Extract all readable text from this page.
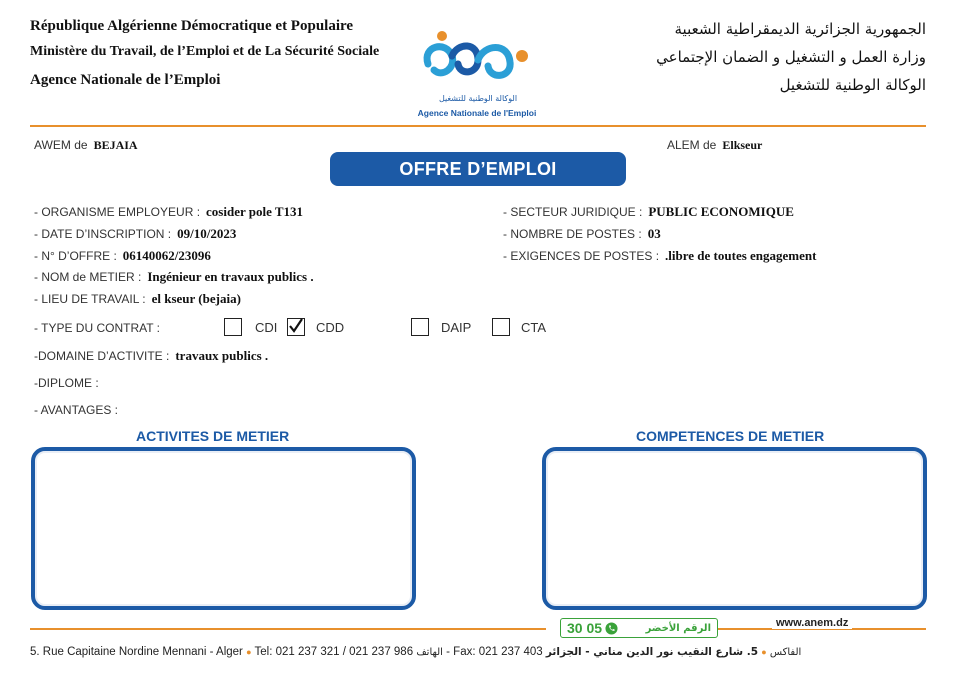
République Algérienne Démocratique et Populaire
Ministère du Travail, de l’Emploi et de La Sécurité Sociale
Agence Nationale de l’Emploi
الوكالة الوطنية للتشغيل
Agence Nationale de l'Emploi
الجمهورية الجزائرية الديمقراطية الشعبية
وزارة العمل و التشغيل و الضمان الإجتماعي
الوكالة الوطنية للتشغيل
AWEM de BEJAIA	ALEM de Elkseur
OFFRE D’EMPLOI
- ORGANISME EMPLOYEUR : cosider pole T131
- DATE D’INSCRIPTION : 09/10/2023
- N° D’OFFRE : 06140062/23096
- NOM de METIER : Ingénieur en travaux publics .
- LIEU DE TRAVAIL : el kseur (bejaia)
- SECTEUR JURIDIQUE : PUBLIC ECONOMIQUE
- NOMBRE DE POSTES : 03
- EXIGENCES DE POSTES : .libre de toutes engagement
- TYPE DU CONTRAT :	CDI	CDD	DAIP	CTA
-DOMAINE D’ACTIVITE : travaux publics .
-DIPLOME :
- AVANTAGES :
ACTIVITES DE METIER	COMPETENCES DE METIER
30 05	الرقم الأخضر	www.anem.dz
5. Rue Capitaine Nordine Mennani - Alger ● Tel: 021 237 321 / 021 237 986 الهاتف - Fax: 021 237 403	الفاكس ● 5. شارع النقيب نور الدين مناني - الجزائر
